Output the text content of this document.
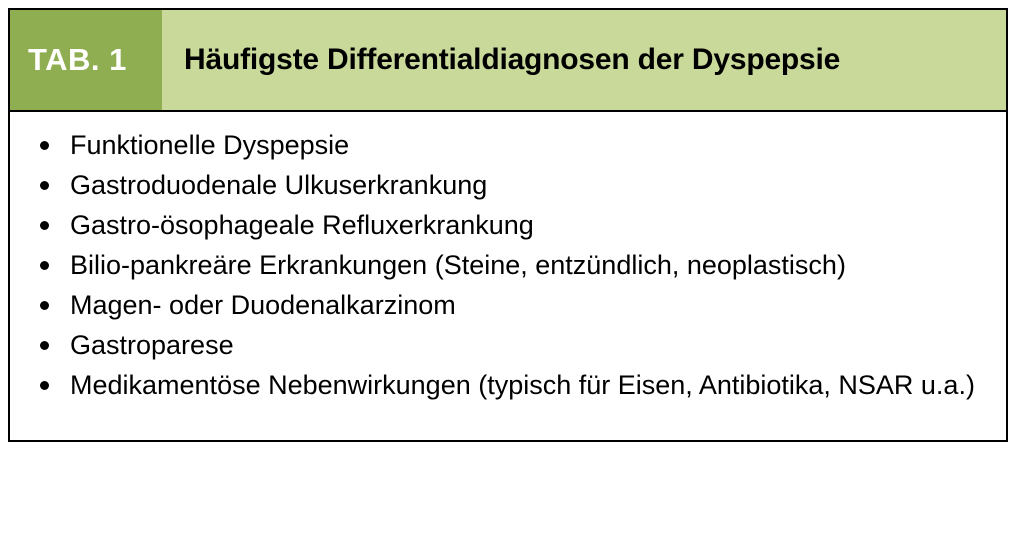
TAB. 1 Häufigste Differentialdiagnosen der Dyspepsie
Funktionelle Dyspepsie
Gastroduodenale Ulkuserkrankung
Gastro-ösophageale Refluxerkrankung
Bilio-pankreäre Erkrankungen (Steine, entzündlich, neoplastisch)
Magen- oder Duodenalkarzinom
Gastroparese
Medikamentöse Nebenwirkungen (typisch für Eisen, Antibiotika, NSAR u.a.)
